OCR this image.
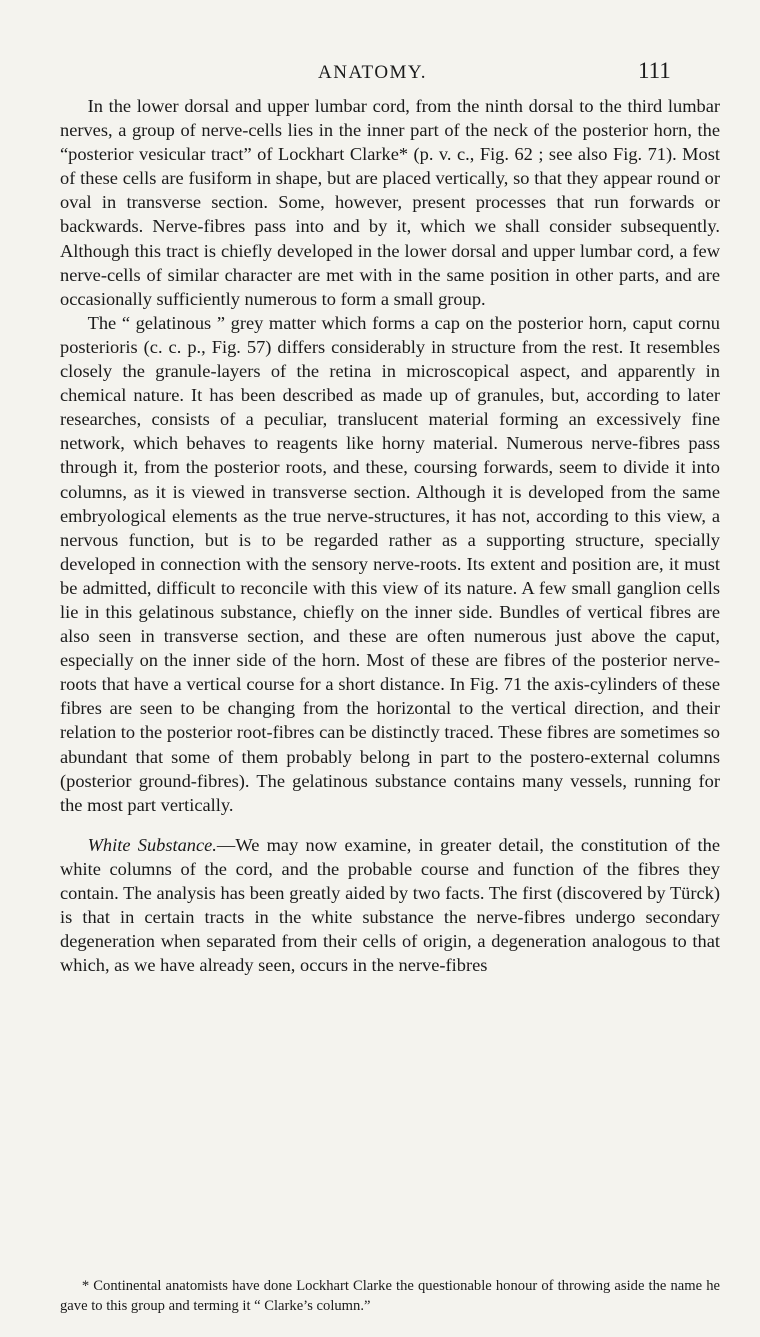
ANATOMY.	111

In the lower dorsal and upper lumbar cord, from the ninth dorsal to the third lumbar nerves, a group of nerve-cells lies in the inner part of the neck of the posterior horn, the “posterior vesicular tract” of Lockhart Clarke* (p. v. c., Fig. 62 ; see also Fig. 71). Most of these cells are fusiform in shape, but are placed vertically, so that they appear round or oval in transverse section. Some, however, present processes that run forwards or backwards. Nerve-fibres pass into and by it, which we shall consider subsequently. Although this tract is chiefly developed in the lower dorsal and upper lumbar cord, a few nerve-cells of similar character are met with in the same position in other parts, and are occasionally sufficiently numerous to form a small group.

The “ gelatinous ” grey matter which forms a cap on the posterior horn, caput cornu posterioris (c. c. p., Fig. 57) differs considerably in structure from the rest. It resembles closely the granule-layers of the retina in microscopical aspect, and apparently in chemical nature. It has been described as made up of granules, but, according to later researches, consists of a peculiar, translucent material forming an excessively fine network, which behaves to reagents like horny material. Numerous nerve-fibres pass through it, from the posterior roots, and these, coursing forwards, seem to divide it into columns, as it is viewed in transverse section. Although it is developed from the same embryological elements as the true nerve-structures, it has not, according to this view, a nervous function, but is to be regarded rather as a supporting structure, specially developed in connection with the sensory nerve-roots. Its extent and position are, it must be admitted, difficult to reconcile with this view of its nature. A few small ganglion cells lie in this gelatinous substance, chiefly on the inner side. Bundles of vertical fibres are also seen in transverse section, and these are often numerous just above the caput, especially on the inner side of the horn. Most of these are fibres of the posterior nerve-roots that have a vertical course for a short distance. In Fig. 71 the axis-cylinders of these fibres are seen to be changing from the horizontal to the vertical direction, and their relation to the posterior root-fibres can be distinctly traced. These fibres are sometimes so abundant that some of them probably belong in part to the postero-external columns (posterior ground-fibres). The gelatinous substance contains many vessels, running for the most part vertically.

White Substance.—We may now examine, in greater detail, the constitution of the white columns of the cord, and the probable course and function of the fibres they contain. The analysis has been greatly aided by two facts. The first (discovered by Türck) is that in certain tracts in the white substance the nerve-fibres undergo secondary degeneration when separated from their cells of origin, a degeneration analogous to that which, as we have already seen, occurs in the nerve-fibres

* Continental anatomists have done Lockhart Clarke the questionable honour of throwing aside the name he gave to this group and terming it “ Clarke’s column.”
